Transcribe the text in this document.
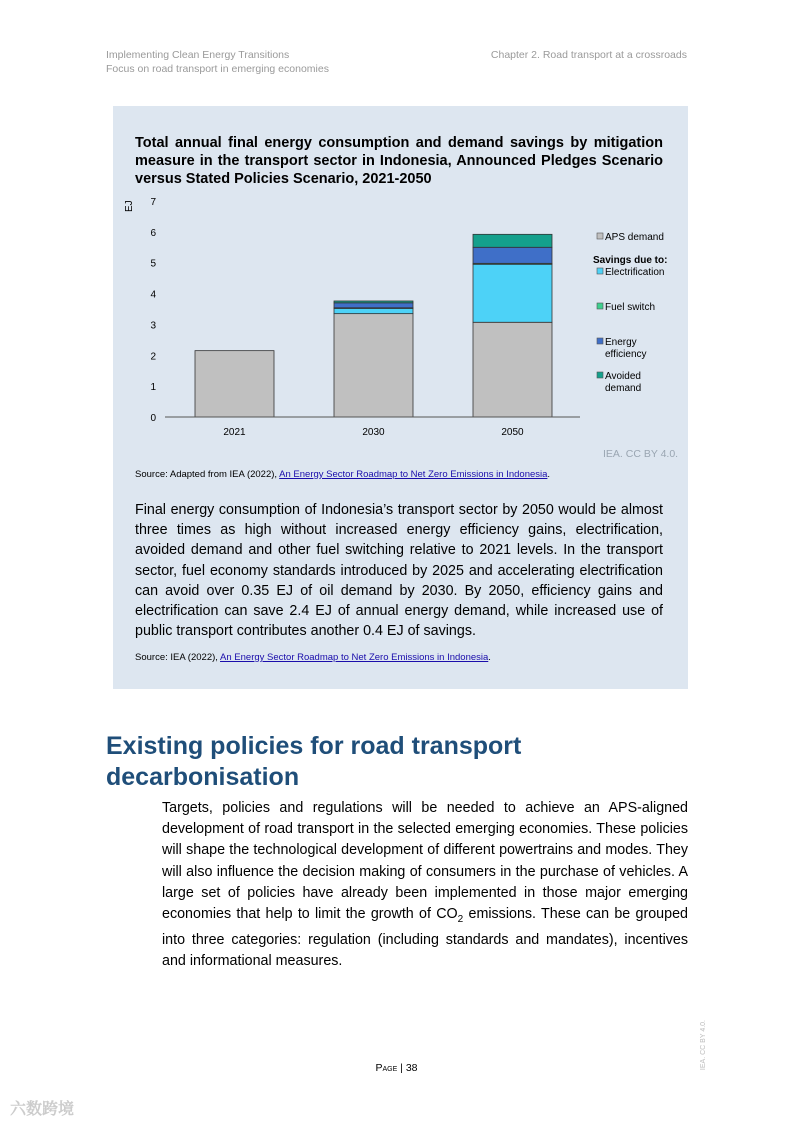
Implementing Clean Energy Transitions
Focus on road transport in emerging economies
Chapter 2. Road transport at a crossroads
Total annual final energy consumption and demand savings by mitigation measure in the transport sector in Indonesia, Announced Pledges Scenario versus Stated Policies Scenario, 2021-2050
0
1
2
3
4
5
6
7
EJ
2021	2030	2050
APS demand
Electrification
Fuel switch
Energy
efficiency
Avoided
demand
Savings due to:
IEA. CC BY 4.0.
Source: Adapted from IEA (2022), An Energy Sector Roadmap to Net Zero Emissions in Indonesia.
Final energy consumption of Indonesia’s transport sector by 2050 would be almost three times as high without increased energy efficiency gains, electrification, avoided demand and other fuel switching relative to 2021 levels. In the transport sector, fuel economy standards introduced by 2025 and accelerating electrification can avoid over 0.35 EJ of oil demand by 2030. By 2050, efficiency gains and electrification can save 2.4 EJ of annual energy demand, while increased use of public transport contributes another 0.4 EJ of savings.
Source: IEA (2022), An Energy Sector Roadmap to Net Zero Emissions in Indonesia.
Existing policies for road transport decarbonisation
Targets, policies and regulations will be needed to achieve an APS-aligned development of road transport in the selected emerging economies. These policies will shape the technological development of different powertrains and modes. They will also influence the decision making of consumers in the purchase of vehicles. A large set of policies have already been implemented in those major emerging economies that help to limit the growth of $CO_2$ emissions. These can be grouped into three categories: regulation (including standards and mandates), incentives and informational measures.
Page | 38	IEA. CC BY 4.0.
六数跨境
